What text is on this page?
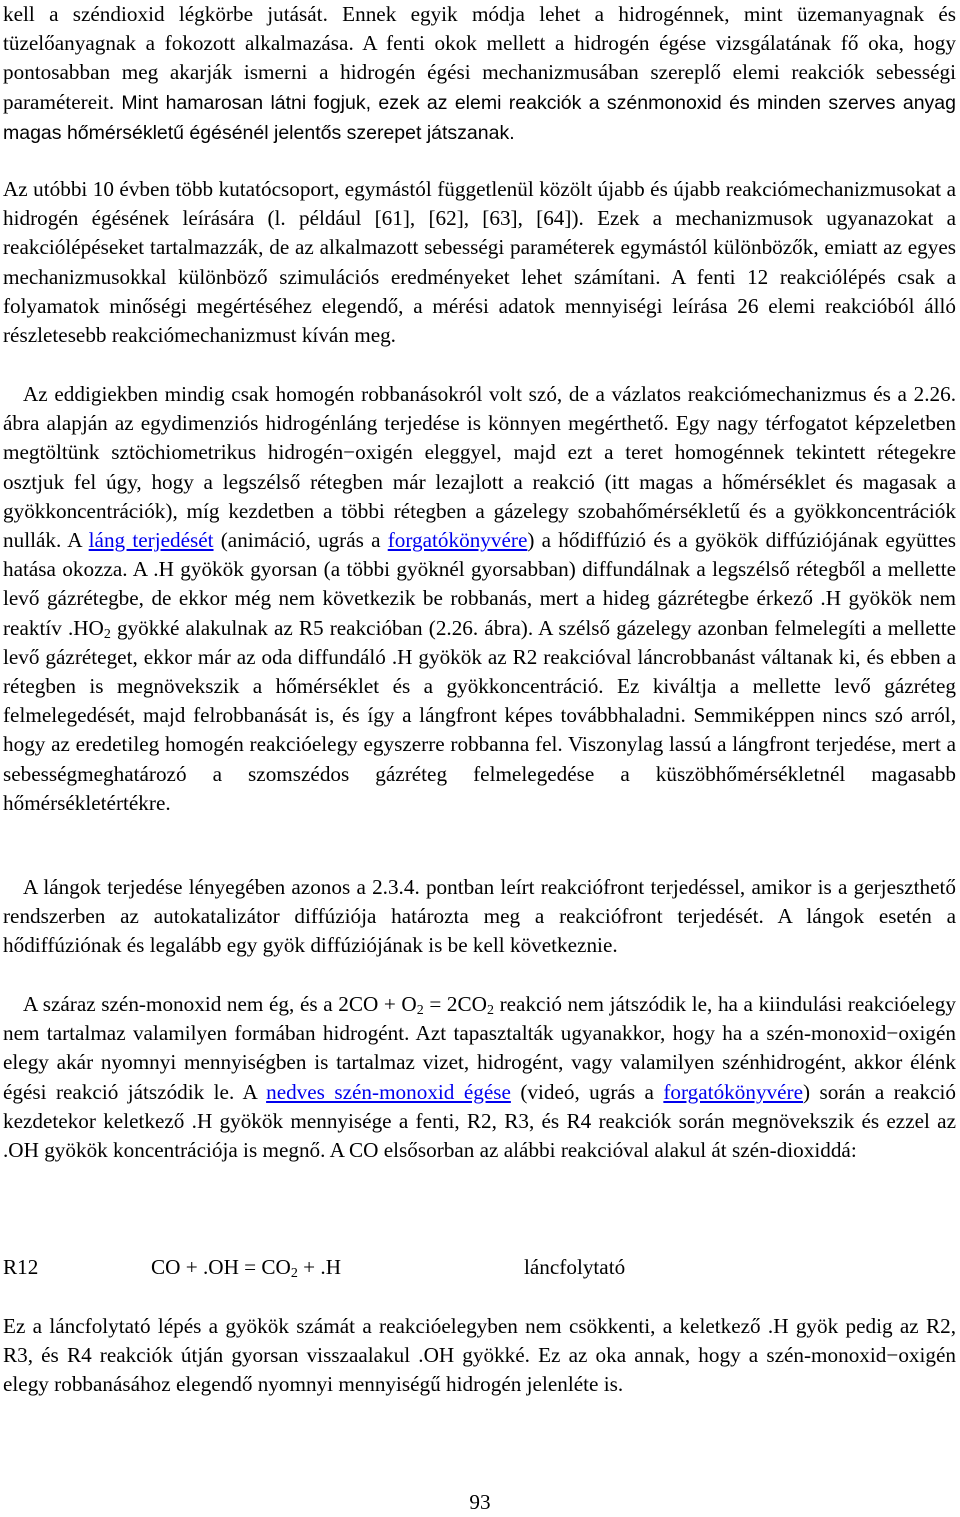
kell a széndioxid légkörbe jutását. Ennek egyik módja lehet a hidrogénnek, mint üzemanyagnak és tüzelőanyagnak a fokozott alkalmazása. A fenti okok mellett a hidrogén égése vizsgálatának fő oka, hogy pontosabban meg akarják ismerni a hidrogén égési mechanizmusában szereplő elemi reakciók sebességi paramétereit. Mint hamarosan látni fogjuk, ezek az elemi reakciók a szénmonoxid és minden szerves anyag magas hőmérsékletű égésénél jelentős szerepet játszanak.

Az utóbbi 10 évben több kutatócsoport, egymástól függetlenül közölt újabb és újabb reakciómechanizmusokat a hidrogén égésének leírására (l. például [61], [62], [63], [64]). Ezek a mechanizmusok ugyanazokat a reakciólépéseket tartalmazzák, de az alkalmazott sebességi paraméterek egymástól különbözők, emiatt az egyes mechanizmusokkal különböző szimulációs eredményeket lehet számítani. A fenti 12 reakciólépés csak a folyamatok minőségi megértéséhez elegendő, a mérési adatok mennyiségi leírása 26 elemi reakcióból álló részletesebb reakciómechanizmust kíván meg.

Az eddigiekben mindig csak homogén robbanásokról volt szó, de a vázlatos reakciómechanizmus és a 2.26. ábra alapján az egydimenziós hidrogénláng terjedése is könnyen megérthető. Egy nagy térfogatot képzeletben megtöltünk sztöchiometrikus hidrogén−oxigén eleggyel, majd ezt a teret homogénnek tekintett rétegekre osztjuk fel úgy, hogy a legszélső rétegben már lezajlott a reakció (itt magas a hőmérséklet és magasak a gyökkoncentrációk), míg kezdetben a többi rétegben a gázelegy szobahőmérsékletű és a gyökkoncentrációk nullák. A láng terjedését (animáció, ugrás a forgatókönyvére) a hődiffúzió és a gyökök diffúziójának együttes hatása okozza. A .H gyökök gyorsan (a többi gyöknél gyorsabban) diffundálnak a legszélső rétegből a mellette levő gázrétegbe, de ekkor még nem következik be robbanás, mert a hideg gázrétegbe érkező .H gyökök nem reaktív $.HO_2$ gyökké alakulnak az R5 reakcióban (2.26. ábra). A szélső gázelegy azonban felmelegíti a mellette levő gázréteget, ekkor már az oda diffundáló .H gyökök az R2 reakcióval láncrobbanást váltanak ki, és ebben a rétegben is megnövekszik a hőmérséklet és a gyökkoncentráció. Ez kiváltja a mellette levő gázréteg felmelegedését, majd felrobbanását is, és így a lángfront képes továbbhaladni. Semmiképpen nincs szó arról, hogy az eredetileg homogén reakcióelegy egyszerre robbanna fel. Viszonylag lassú a lángfront terjedése, mert a sebességmeghatározó a szomszédos gázréteg felmelegedése a küszöbhőmérsékletnél magasabb hőmérsékletértékre.

A lángok terjedése lényegében azonos a 2.3.4. pontban leírt reakciófront terjedéssel, amikor is a gerjeszthető rendszerben az autokatalizátor diffúziója határozta meg a reakciófront terjedését. A lángok esetén a hődiffúziónak és legalább egy gyök diffúziójának is be kell következnie.

A száraz szén-monoxid nem ég, és a $2CO + O_2 = 2CO_2$ reakció nem játszódik le, ha a kiindulási reakcióelegy nem tartalmaz valamilyen formában hidrogént. Azt tapasztalták ugyanakkor, hogy ha a szén-monoxid−oxigén elegy akár nyomnyi mennyiségben is tartalmaz vizet, hidrogént, vagy valamilyen szénhidrogént, akkor élénk égési reakció játszódik le. A nedves szén-monoxid égése (videó, ugrás a forgatókönyvére) során a reakció kezdetekor keletkező .H gyökök mennyisége a fenti, R2, R3, és R4 reakciók során megnövekszik és ezzel az .OH gyökök koncentrációja is megnő. A CO elsősorban az alábbi reakcióval alakul át szén-dioxiddá:

R12	CO + $.OH = CO_2 + .H$	láncfolytató

Ez a láncfolytató lépés a gyökök számát a reakcióelegyben nem csökkenti, a keletkező .H gyök pedig az R2, R3, és R4 reakciók útján gyorsan visszaalakul .OH gyökké. Ez az oka annak, hogy a szén-monoxid−oxigén elegy robbanásához elegendő nyomnyi mennyiségű hidrogén jelenléte is.

93
